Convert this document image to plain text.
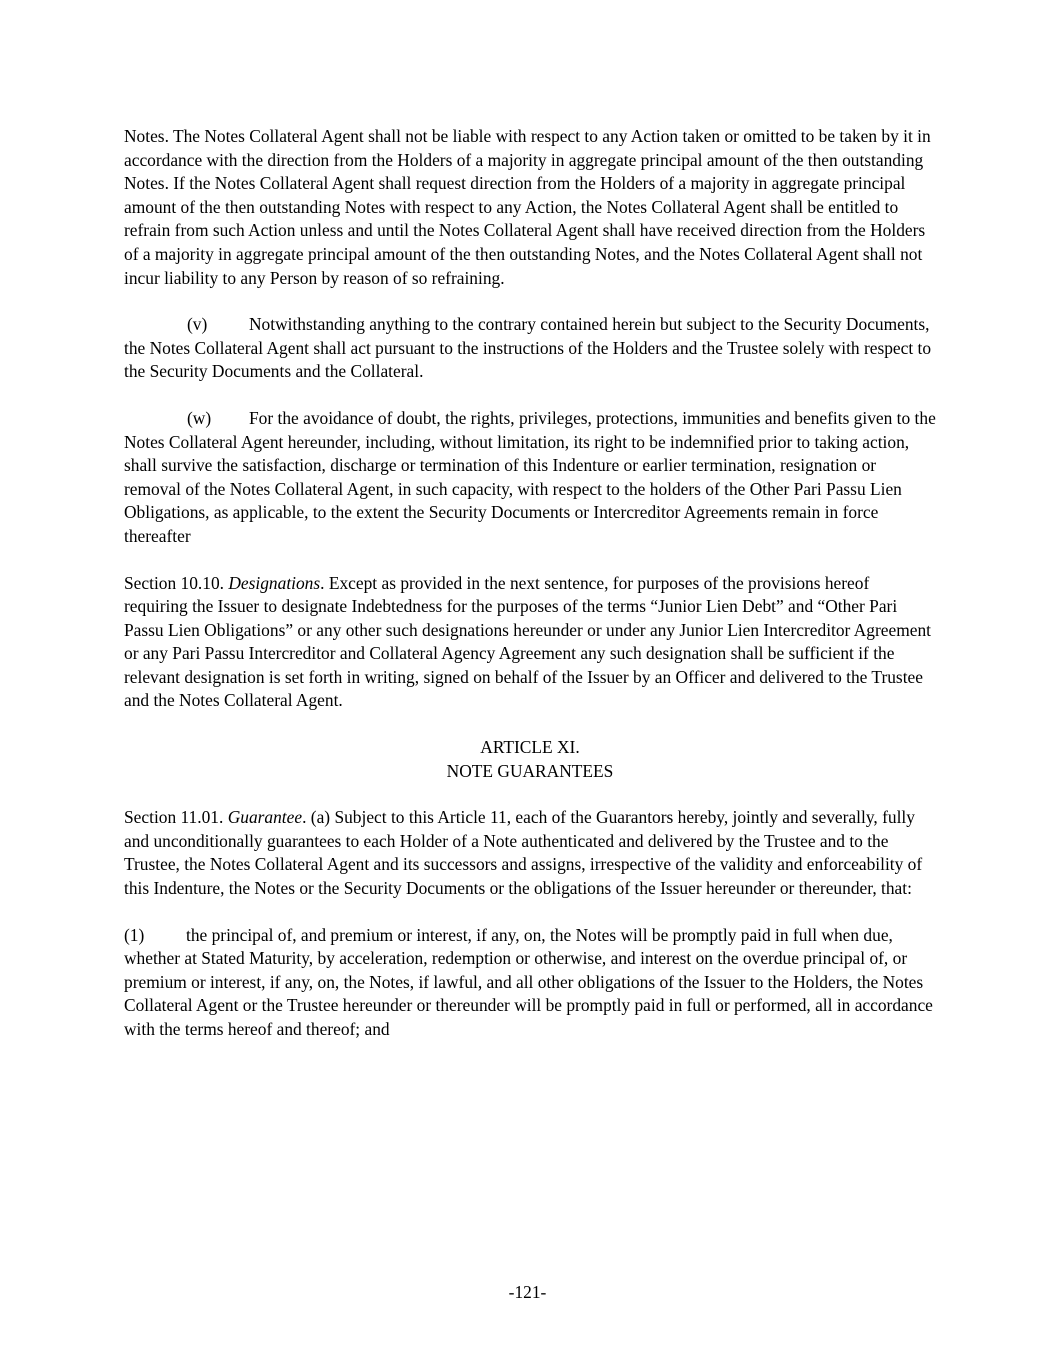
Notes. The Notes Collateral Agent shall not be liable with respect to any Action taken or omitted to be taken by it in accordance with the direction from the Holders of a majority in aggregate principal amount of the then outstanding Notes. If the Notes Collateral Agent shall request direction from the Holders of a majority in aggregate principal amount of the then outstanding Notes with respect to any Action, the Notes Collateral Agent shall be entitled to refrain from such Action unless and until the Notes Collateral Agent shall have received direction from the Holders of a majority in aggregate principal amount of the then outstanding Notes, and the Notes Collateral Agent shall not incur liability to any Person by reason of so refraining.

(v) Notwithstanding anything to the contrary contained herein but subject to the Security Documents, the Notes Collateral Agent shall act pursuant to the instructions of the Holders and the Trustee solely with respect to the Security Documents and the Collateral.

(w) For the avoidance of doubt, the rights, privileges, protections, immunities and benefits given to the Notes Collateral Agent hereunder, including, without limitation, its right to be indemnified prior to taking action, shall survive the satisfaction, discharge or termination of this Indenture or earlier termination, resignation or removal of the Notes Collateral Agent, in such capacity, with respect to the holders of the Other Pari Passu Lien Obligations, as applicable, to the extent the Security Documents or Intercreditor Agreements remain in force thereafter

Section 10.10. Designations. Except as provided in the next sentence, for purposes of the provisions hereof requiring the Issuer to designate Indebtedness for the purposes of the terms “Junior Lien Debt” and “Other Pari Passu Lien Obligations” or any other such designations hereunder or under any Junior Lien Intercreditor Agreement or any Pari Passu Intercreditor and Collateral Agency Agreement any such designation shall be sufficient if the relevant designation is set forth in writing, signed on behalf of the Issuer by an Officer and delivered to the Trustee and the Notes Collateral Agent.

ARTICLE XI.
NOTE GUARANTEES

Section 11.01. Guarantee. (a) Subject to this Article 11, each of the Guarantors hereby, jointly and severally, fully and unconditionally guarantees to each Holder of a Note authenticated and delivered by the Trustee and to the Trustee, the Notes Collateral Agent and its successors and assigns, irrespective of the validity and enforceability of this Indenture, the Notes or the Security Documents or the obligations of the Issuer hereunder or thereunder, that:

(1) the principal of, and premium or interest, if any, on, the Notes will be promptly paid in full when due, whether at Stated Maturity, by acceleration, redemption or otherwise, and interest on the overdue principal of, or premium or interest, if any, on, the Notes, if lawful, and all other obligations of the Issuer to the Holders, the Notes Collateral Agent or the Trustee hereunder or thereunder will be promptly paid in full or performed, all in accordance with the terms hereof and thereof; and

-121-
